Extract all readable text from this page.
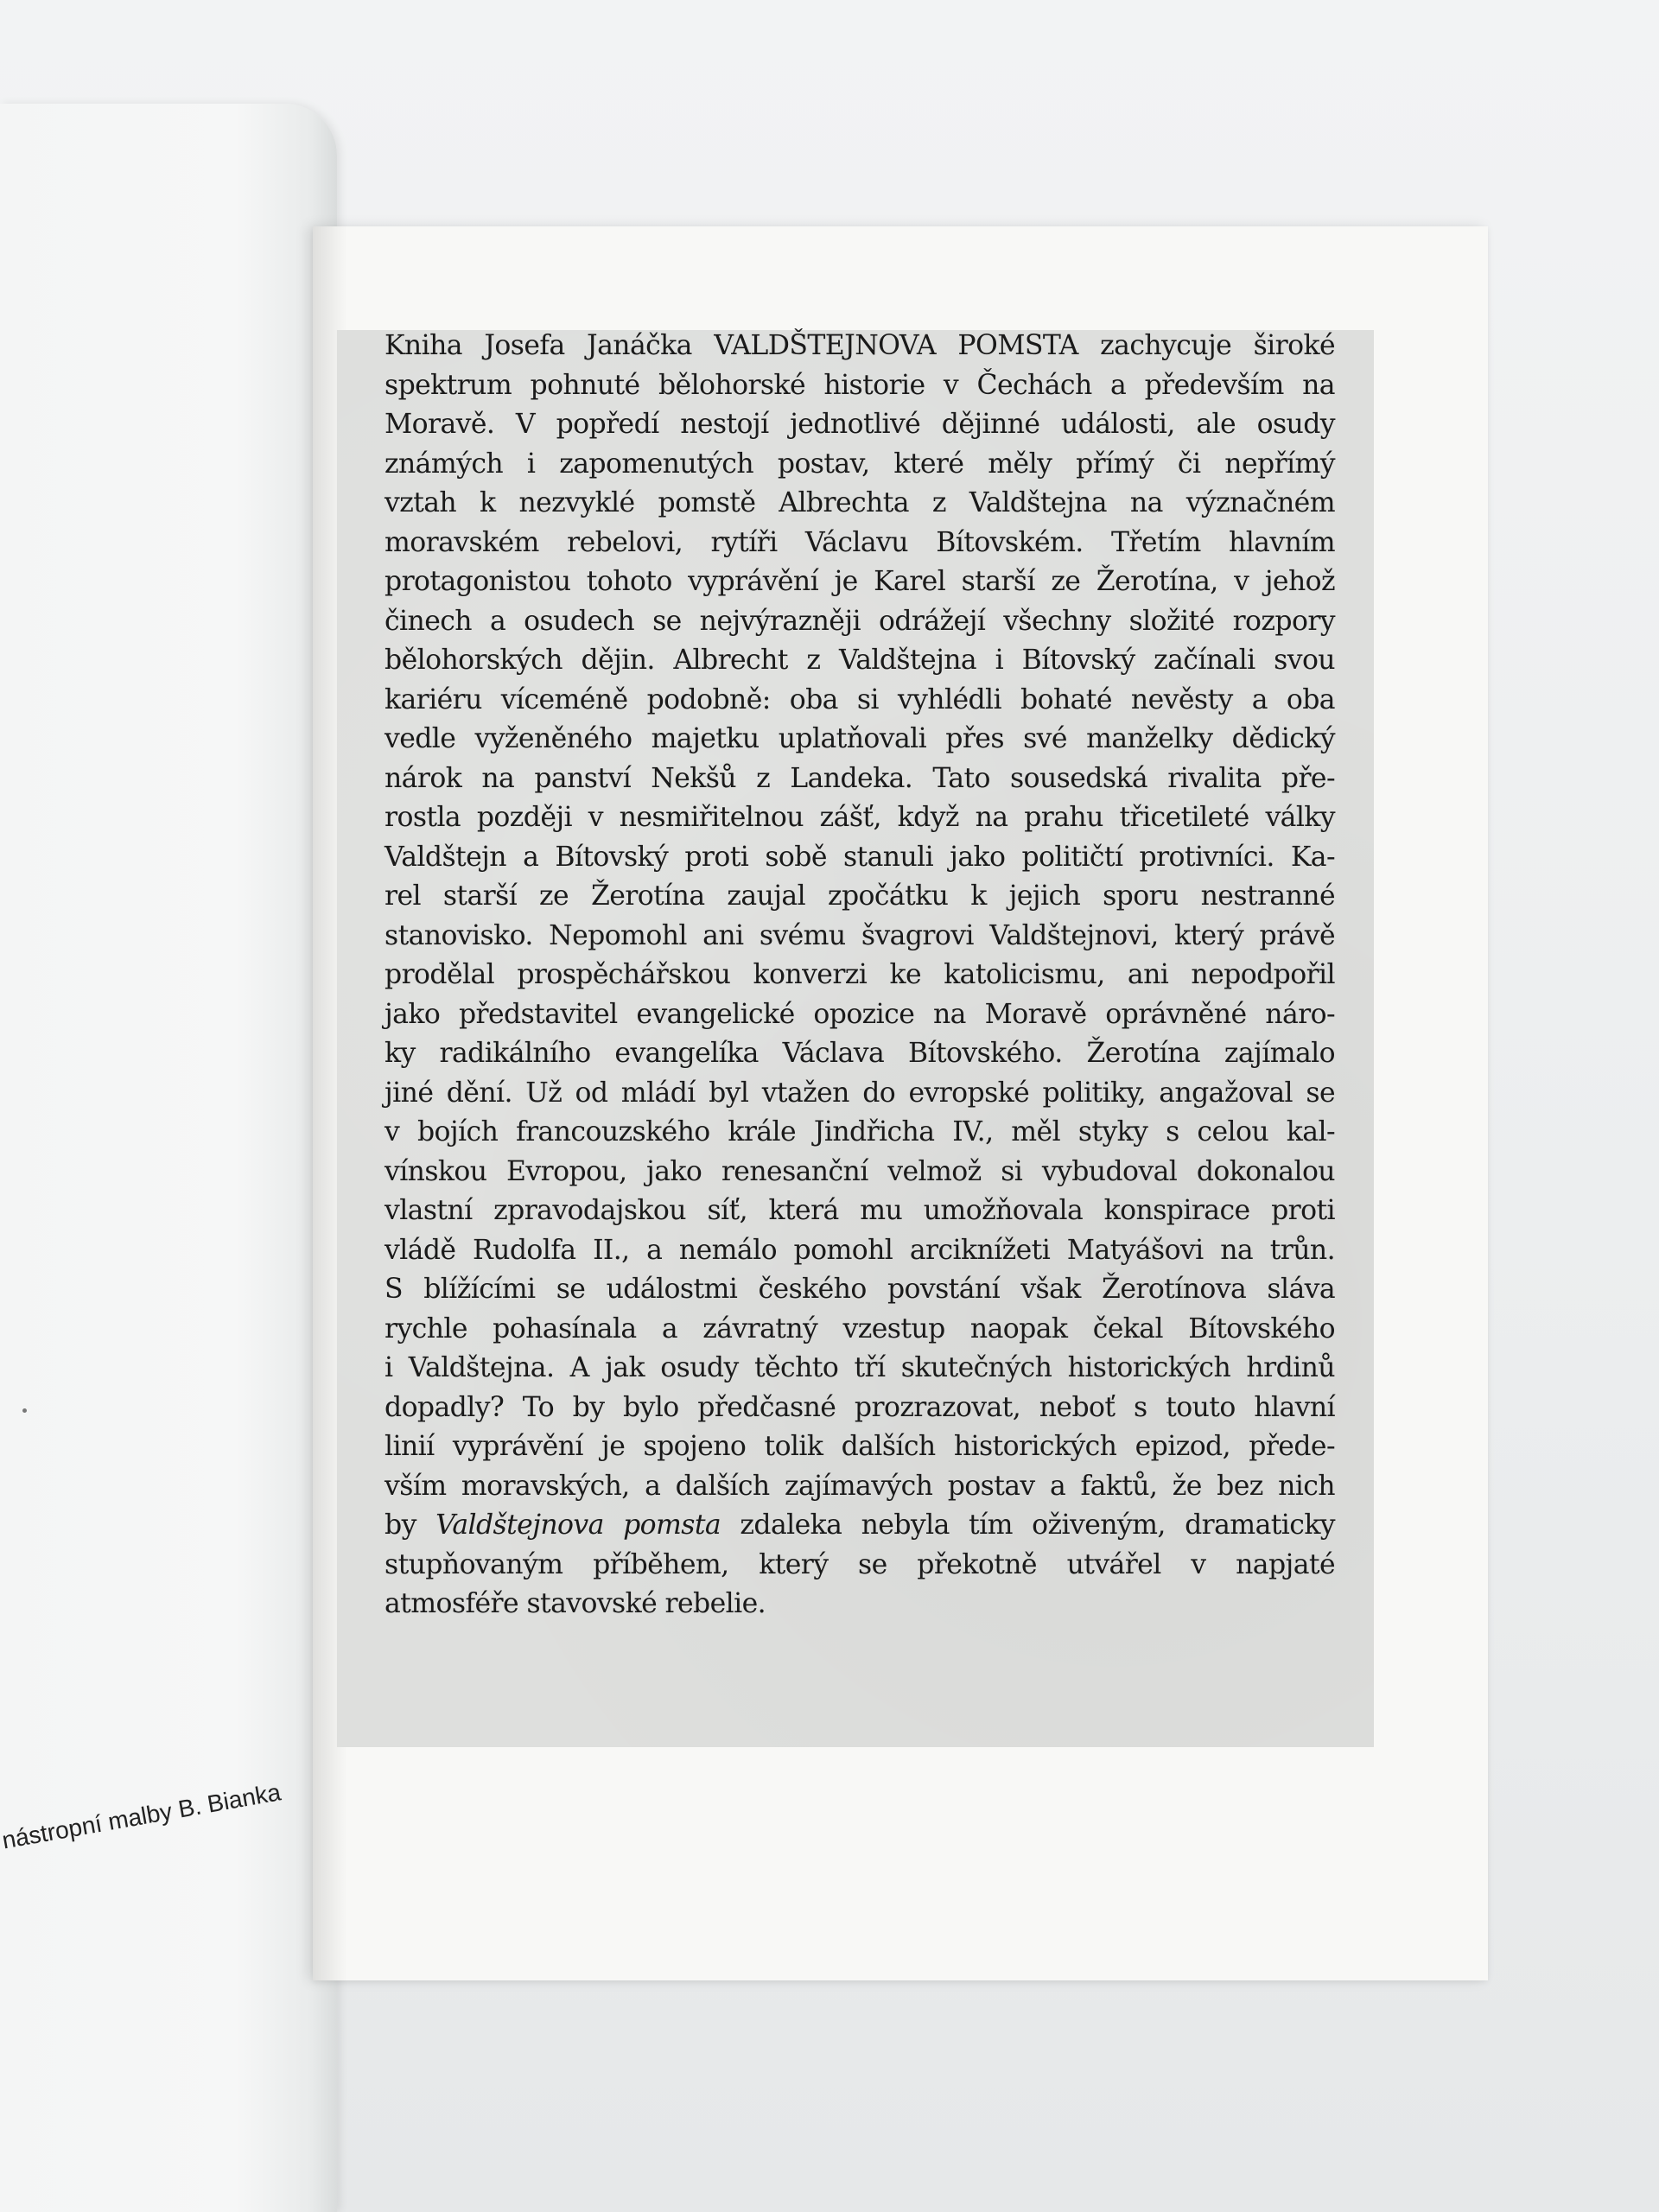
nástropní malby B. Bianka
Kniha Josefa Janáčka VALDŠTEJNOVA POMSTA zachycuje široké
spektrum pohnuté bělohorské historie v Čechách a především na
Moravě. V popředí nestojí jednotlivé dějinné události, ale osudy
známých i zapomenutých postav, které měly přímý či nepřímý
vztah k nezvyklé pomstě Albrechta z Valdštejna na význačném
moravském rebelovi, rytíři Václavu Bítovském. Třetím hlavním
protagonistou tohoto vyprávění je Karel starší ze Žerotína, v jehož
činech a osudech se nejvýrazněji odrážejí všechny složité rozpory
bělohorských dějin. Albrecht z Valdštejna i Bítovský začínali svou
kariéru víceméně podobně: oba si vyhlédli bohaté nevěsty a oba
vedle vyženěného majetku uplatňovali přes své manželky dědický
nárok na panství Nekšů z Landeka. Tato sousedská rivalita pře-
rostla později v nesmiřitelnou zášť, když na prahu třicetileté války
Valdštejn a Bítovský proti sobě stanuli jako političtí protivníci. Ka-
rel starší ze Žerotína zaujal zpočátku k jejich sporu nestranné
stanovisko. Nepomohl ani svému švagrovi Valdštejnovi, který právě
prodělal prospěchářskou konverzi ke katolicismu, ani nepodpořil
jako představitel evangelické opozice na Moravě oprávněné náro-
ky radikálního evangelíka Václava Bítovského. Žerotína zajímalo
jiné dění. Už od mládí byl vtažen do evropské politiky, angažoval se
v bojích francouzského krále Jindřicha IV., měl styky s celou kal-
vínskou Evropou, jako renesanční velmož si vybudoval dokonalou
vlastní zpravodajskou síť, která mu umožňovala konspirace proti
vládě Rudolfa II., a nemálo pomohl arciknížeti Matyášovi na trůn.
S blížícími se událostmi českého povstání však Žerotínova sláva
rychle pohasínala a závratný vzestup naopak čekal Bítovského
i Valdštejna. A jak osudy těchto tří skutečných historických hrdinů
dopadly? To by bylo předčasné prozrazovat, neboť s touto hlavní
linií vyprávění je spojeno tolik dalších historických epizod, přede-
vším moravských, a dalších zajímavých postav a faktů, že bez nich
by Valdštejnova pomsta zdaleka nebyla tím oživeným, dramaticky
stupňovaným příběhem, který se překotně utvářel v napjaté
atmosféře stavovské rebelie.
